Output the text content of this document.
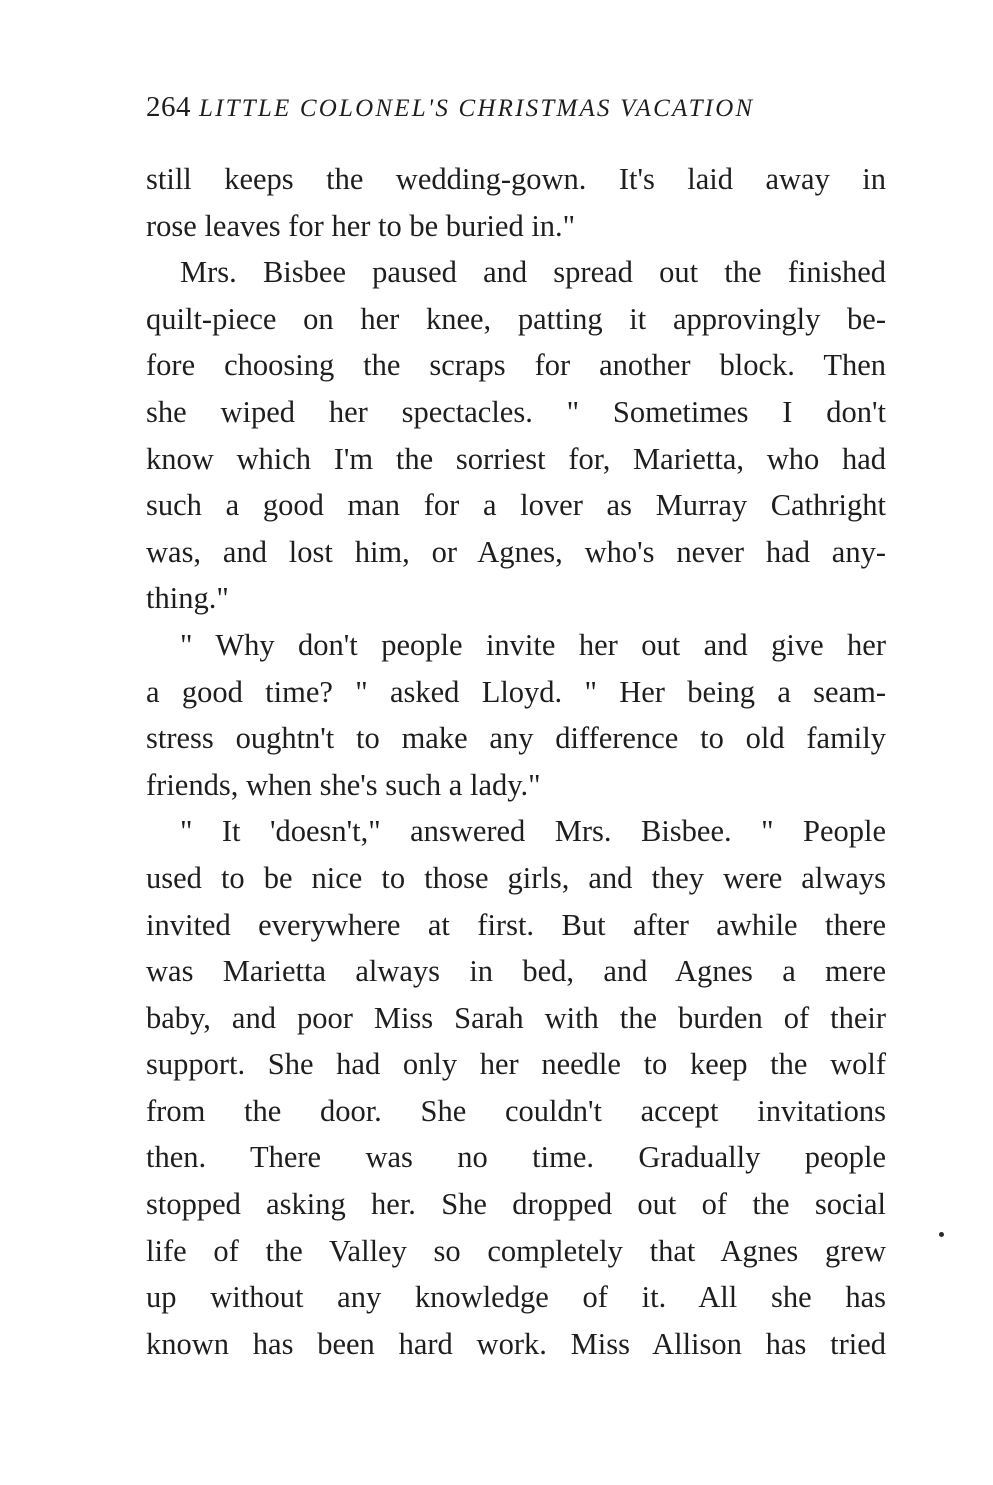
264 LITTLE COLONEL'S CHRISTMAS VACATION
still keeps the wedding-gown. It's laid away in
rose leaves for her to be buried in."
Mrs. Bisbee paused and spread out the finished
quilt-piece on her knee, patting it approvingly be-
fore choosing the scraps for another block. Then
she wiped her spectacles. " Sometimes I don't
know which I'm the sorriest for, Marietta, who had
such a good man for a lover as Murray Cathright
was, and lost him, or Agnes, who's never had any-
thing."
" Why don't people invite her out and give her
a good time? " asked Lloyd. " Her being a seam-
stress oughtn't to make any difference to old family
friends, when she's such a lady."
" It 'doesn't," answered Mrs. Bisbee. " People
used to be nice to those girls, and they were always
invited everywhere at first. But after awhile there
was Marietta always in bed, and Agnes a mere
baby, and poor Miss Sarah with the burden of their
support. She had only her needle to keep the wolf
from the door. She couldn't accept invitations
then. There was no time. Gradually people
stopped asking her. She dropped out of the social
life of the Valley so completely that Agnes grew
up without any knowledge of it. All she has
known has been hard work. Miss Allison has tried
